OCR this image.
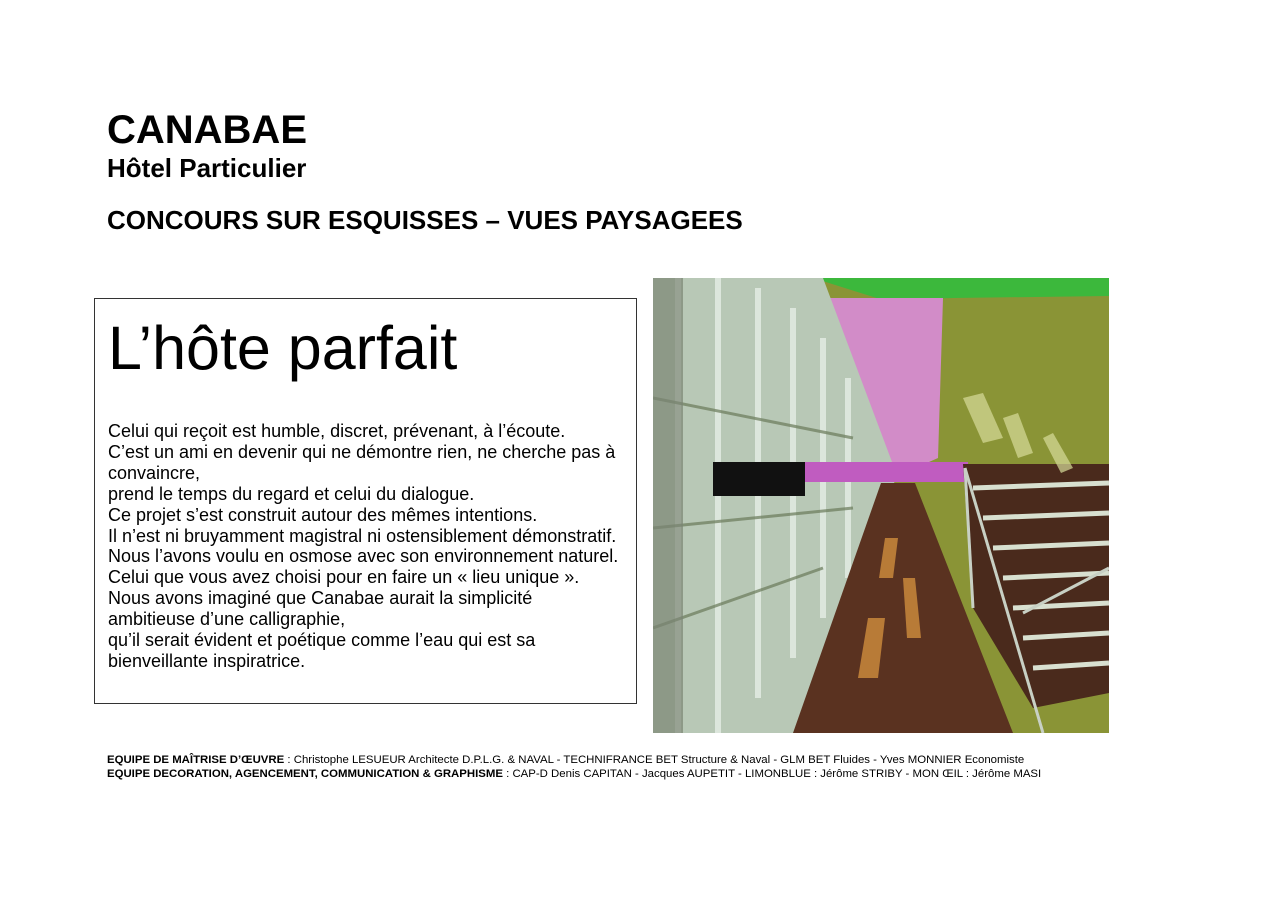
CANABAE
Hôtel Particulier
CONCOURS SUR ESQUISSES – VUES PAYSAGEES
L’hôte parfait
Celui qui reçoit est humble, discret, prévenant, à l’écoute.
C’est un ami en devenir qui ne démontre rien, ne cherche pas à
convaincre,
prend le temps du regard et celui du dialogue.
Ce projet s’est construit autour des mêmes intentions.
Il n’est ni bruyamment magistral ni ostensiblement démonstratif.
Nous l’avons voulu en osmose avec son environnement naturel.
Celui que vous avez choisi pour en faire un « lieu unique ».
Nous avons imaginé que Canabae aurait la simplicité
ambitieuse d’une calligraphie,
qu’il serait évident et poétique comme l’eau qui est sa
bienveillante inspiratrice.
EQUIPE DE MAÎTRISE D’ŒUVRE : Christophe LESUEUR Architecte D.P.L.G. & NAVAL - TECHNIFRANCE BET Structure & Naval - GLM BET Fluides - Yves MONNIER Economiste
EQUIPE DECORATION, AGENCEMENT, COMMUNICATION & GRAPHISME : CAP-D Denis CAPITAN - Jacques AUPETIT - LIMONBLUE : Jérôme STRIBY - MON ŒIL : Jérôme MASI
